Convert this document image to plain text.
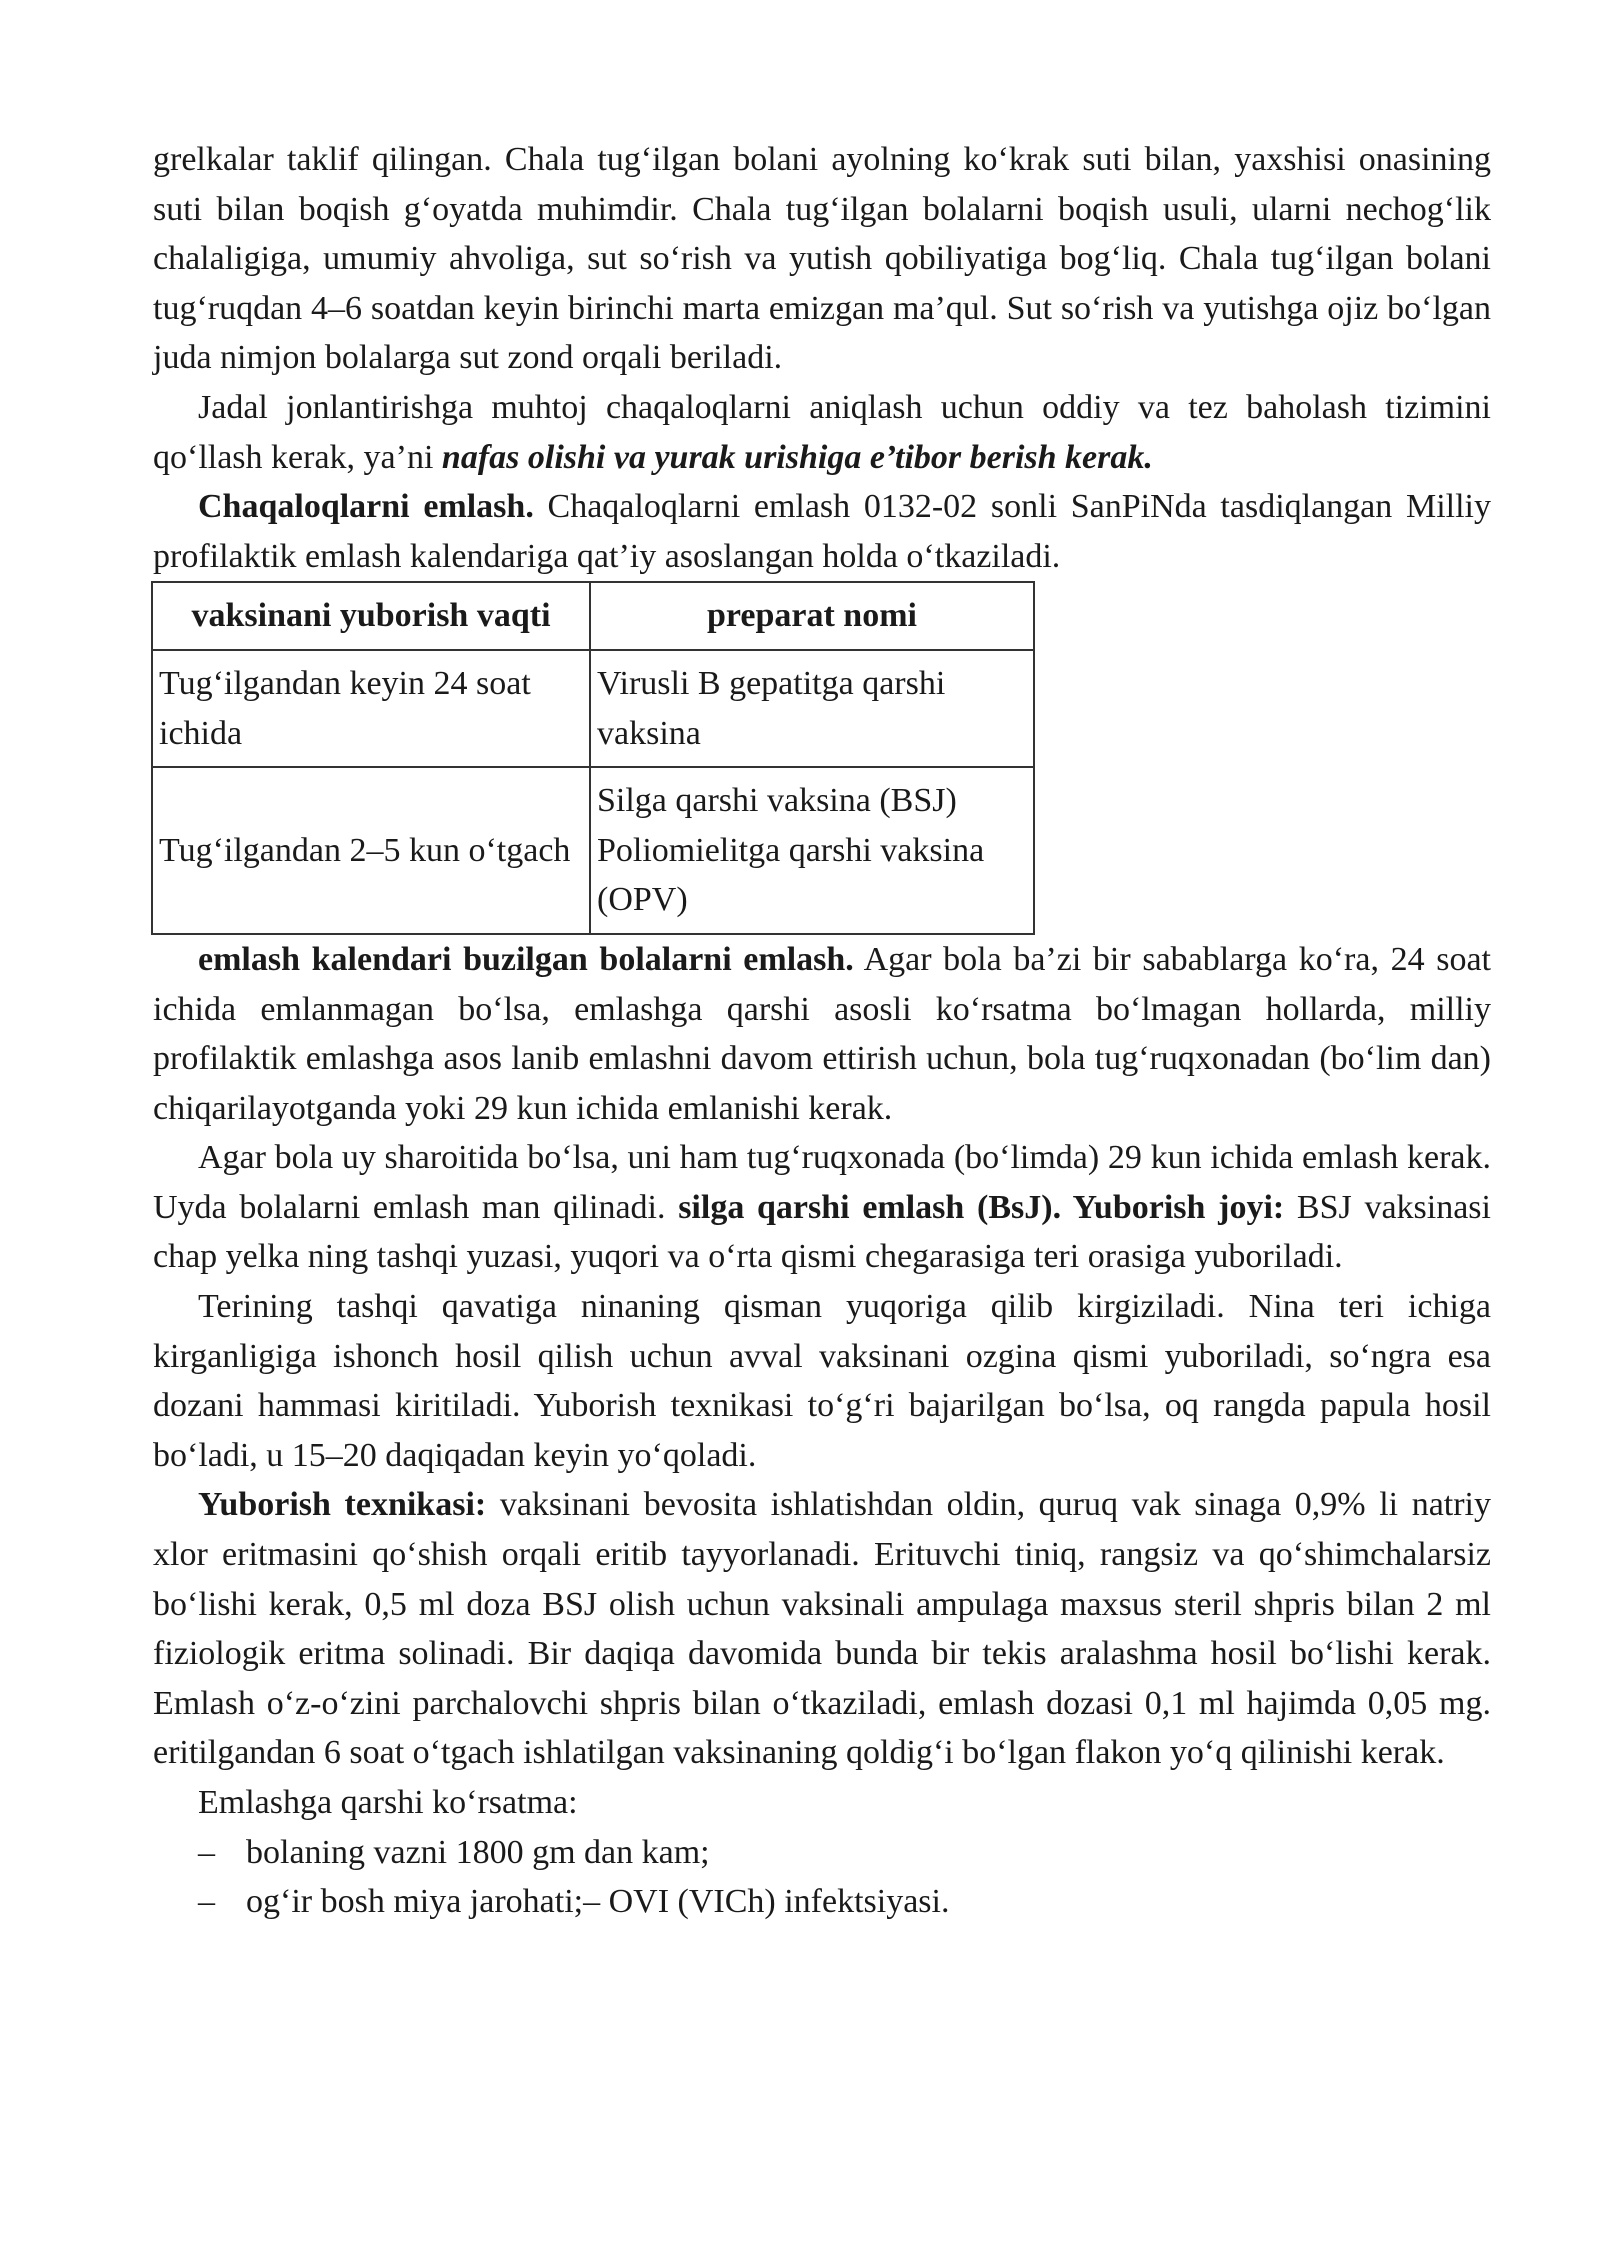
grelkalar taklif qilingan. Chala tug‘ilgan bolani ayolning ko‘krak suti bilan, yaxshisi onasining suti bilan boqish g‘oyatda muhimdir. Chala tug‘ilgan bolalarni boqish usuli, ularni nechog‘lik chalaligiga, umumiy ahvoliga, sut so‘rish va yutish qobiliyatiga bog‘liq. Chala tug‘ilgan bolani tug‘ruqdan 4–6 soatdan keyin birinchi marta emizgan ma’qul. Sut so‘rish va yutishga ojiz bo‘lgan juda nimjon bolalarga sut zond orqali beriladi.

Jadal jonlantirishga muhtoj chaqaloqlarni aniqlash uchun oddiy va tez baholash tizimini qo‘llash kerak, ya’ni nafas olishi va yurak urishiga e’tibor berish kerak.

Chaqaloqlarni emlash. Chaqaloqlarni emlash 0132-02 sonli SanPiNda tasdiqlangan Milliy profilaktik emlash kalendariga qat’iy asoslangan holda o‘tkaziladi.

vaksinani yuborish vaqti	preparat nomi
Tug‘ilgandan keyin 24 soat ichida	Virusli B gepatitga qarshi vaksina

Tug‘ilgandan 2–5 kun o‘tgach	Silga qarshi vaksina (BSJ)
Poliomielitga qarshi vaksina (OPV)

emlash kalendari buzilgan bolalarni emlash. Agar bola ba’zi bir sabablarga ko‘ra, 24 soat ichida emlanmagan bo‘lsa, emlashga qarshi asosli ko‘rsatma bo‘lmagan hollarda, milliy profilaktik emlashga asos lanib emlashni davom ettirish uchun, bola tug‘ruqxonadan (bo‘lim dan) chiqarilayotganda yoki 29 kun ichida emlanishi kerak.

Agar bola uy sharoitida bo‘lsa, uni ham tug‘ruqxonada (bo‘limda) 29 kun ichida emlash kerak. Uyda bolalarni emlash man qilinadi. silga qarshi emlash (BsJ). Yuborish joyi: BSJ vaksinasi chap yelka ning tashqi yuzasi, yuqori va o‘rta qismi chegarasiga teri orasiga yuboriladi.

Terining tashqi qavatiga ninaning qisman yuqoriga qilib kirgiziladi. Nina teri ichiga kirganligiga ishonch hosil qilish uchun avval vaksinani ozgina qismi yuboriladi, so‘ngra esa dozani hammasi kiritiladi. Yuborish texnikasi to‘g‘ri bajarilgan bo‘lsa, oq rangda papula hosil bo‘ladi, u 15–20 daqiqadan keyin yo‘qoladi.

Yuborish texnikasi: vaksinani bevosita ishlatishdan oldin, quruq vak sinaga 0,9% li natriy xlor eritmasini qo‘shish orqali eritib tayyorlanadi. Erituvchi tiniq, rangsiz va qo‘shimchalarsiz bo‘lishi kerak, 0,5 ml doza BSJ olish uchun vaksinali ampulaga maxsus steril shpris bilan 2 ml fiziologik eritma solinadi. Bir daqiqa davomida bunda bir tekis aralashma hosil bo‘lishi kerak. Emlash o‘z-o‘zini parchalovchi shpris bilan o‘tkaziladi, emlash dozasi 0,1 ml hajimda 0,05 mg. eritilgandan 6 soat o‘tgach ishlatilgan vaksinaning qoldig‘i bo‘lgan flakon yo‘q qilinishi kerak.

Emlashga qarshi ko‘rsatma:

– bolaning vazni 1800 gm dan kam;
– og‘ir bosh miya jarohati;– OVI (VICh) infektsiyasi.
